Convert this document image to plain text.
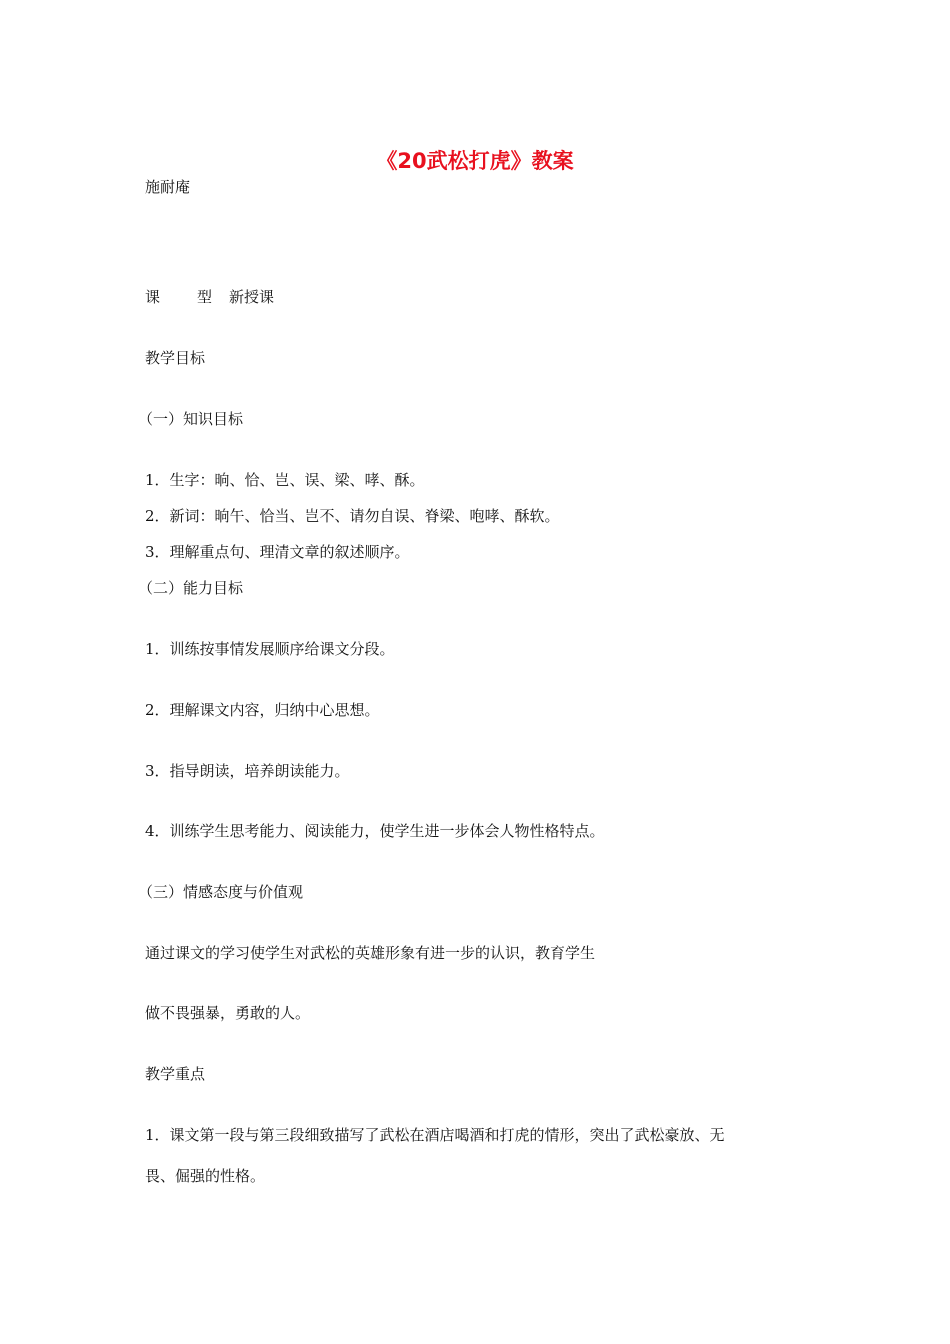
《20武松打虎》教案
施耐庵
课 型 新授课
教学目标
（一）知识目标
1．生字：晌、恰、岂、误、梁、哮、酥。
2．新词：晌午、恰当、岂不、请勿自误、脊梁、咆哮、酥软。
3．理解重点句、理清文章的叙述顺序。
（二）能力目标
1．训练按事情发展顺序给课文分段。
2．理解课文内容，归纳中心思想。
3．指导朗读，培养朗读能力。
4．训练学生思考能力、阅读能力，使学生进一步体会人物性格特点。
（三）情感态度与价值观
通过课文的学习使学生对武松的英雄形象有进一步的认识，教育学生
做不畏强暴，勇敢的人。
教学重点
1．课文第一段与第三段细致描写了武松在酒店喝酒和打虎的情形，突出了武松豪放、无
畏、倔强的性格。
